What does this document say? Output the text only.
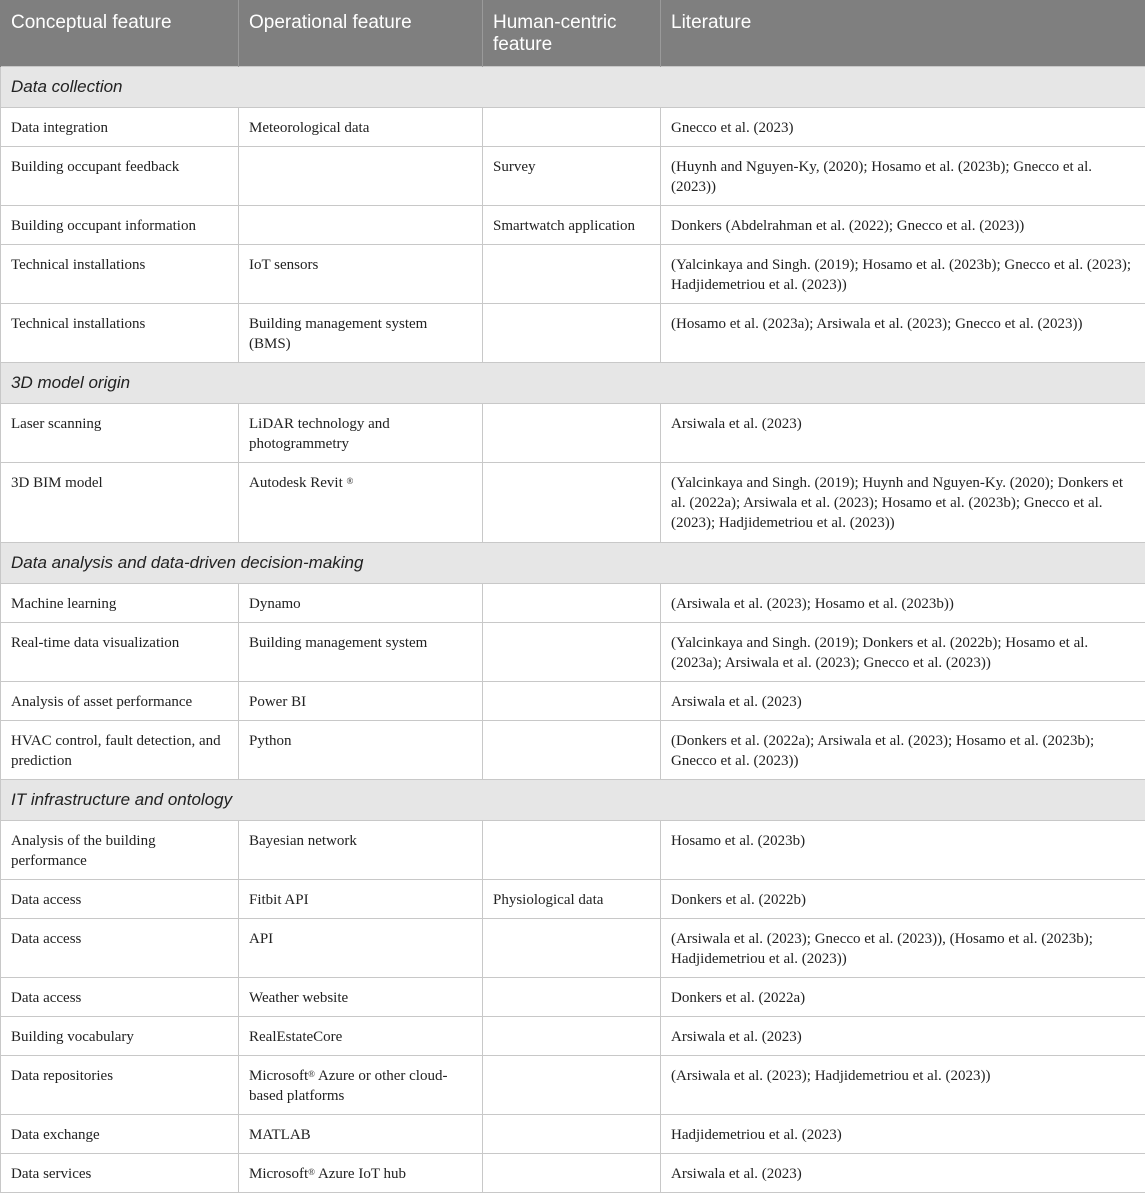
Conceptual feature	Operational feature	Human-centric feature	Literature
Data collection			
Data integration	Meteorological data		Gnecco et al. (2023)
Building occupant feedback		Survey	(Huynh and Nguyen-Ky, (2020); Hosamo et al. (2023b); Gnecco et al. (2023))
Building occupant information		Smartwatch application	Donkers (Abdelrahman et al. (2022); Gnecco et al. (2023))
Technical installations	IoT sensors		(Yalcinkaya and Singh. (2019); Hosamo et al. (2023b); Gnecco et al. (2023); Hadjidemetriou et al. (2023))
Technical installations	Building management system (BMS)		(Hosamo et al. (2023a); Arsiwala et al. (2023); Gnecco et al. (2023))
3D model origin			
Laser scanning	LiDAR technology and photogrammetry		Arsiwala et al. (2023)
3D BIM model	Autodesk Revit ®		(Yalcinkaya and Singh. (2019); Huynh and Nguyen-Ky. (2020); Donkers et al. (2022a); Arsiwala et al. (2023); Hosamo et al. (2023b); Gnecco et al. (2023); Hadjidemetriou et al. (2023))
Data analysis and data-driven decision-making			
Machine learning	Dynamo		(Arsiwala et al. (2023); Hosamo et al. (2023b))
Real-time data visualization	Building management system		(Yalcinkaya and Singh. (2019); Donkers et al. (2022b); Hosamo et al. (2023a); Arsiwala et al. (2023); Gnecco et al. (2023))
Analysis of asset performance	Power BI		Arsiwala et al. (2023)
HVAC control, fault detection, and prediction	Python		(Donkers et al. (2022a); Arsiwala et al. (2023); Hosamo et al. (2023b); Gnecco et al. (2023))
IT infrastructure and ontology			
Analysis of the building performance	Bayesian network		Hosamo et al. (2023b)
Data access	Fitbit API	Physiological data	Donkers et al. (2022b)
Data access	API		(Arsiwala et al. (2023); Gnecco et al. (2023)), (Hosamo et al. (2023b); Hadjidemetriou et al. (2023))
Data access	Weather website		Donkers et al. (2022a)
Building vocabulary	RealEstateCore		Arsiwala et al. (2023)
Data repositories	Microsoft® Azure or other cloud-based platforms		(Arsiwala et al. (2023); Hadjidemetriou et al. (2023))
Data exchange	MATLAB		Hadjidemetriou et al. (2023)
Data services	Microsoft® Azure IoT hub		Arsiwala et al. (2023)
